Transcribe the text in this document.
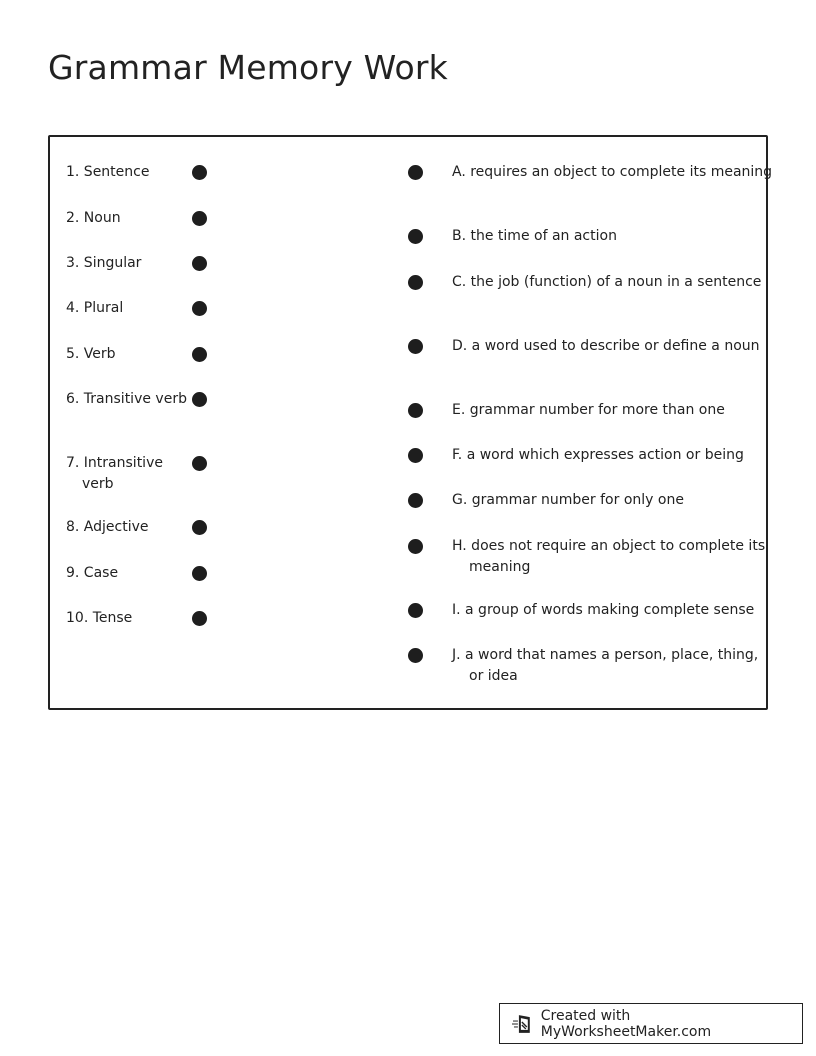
Grammar Memory Work
1. Sentence
2. Noun
3. Singular
4. Plural
5. Verb
6. Transitive verb
7. Intransitive verb
8. Adjective
9. Case
10. Tense
A. requires an object to complete its meaning
B. the time of an action
C. the job (function) of a noun in a sentence
D. a word used to describe or define a noun
E. grammar number for more than one
F. a word which expresses action or being
G. grammar number for only one
H. does not require an object to complete its meaning
I. a group of words making complete sense
J. a word that names a person, place, thing, or idea
Created with MyWorksheetMaker.com
